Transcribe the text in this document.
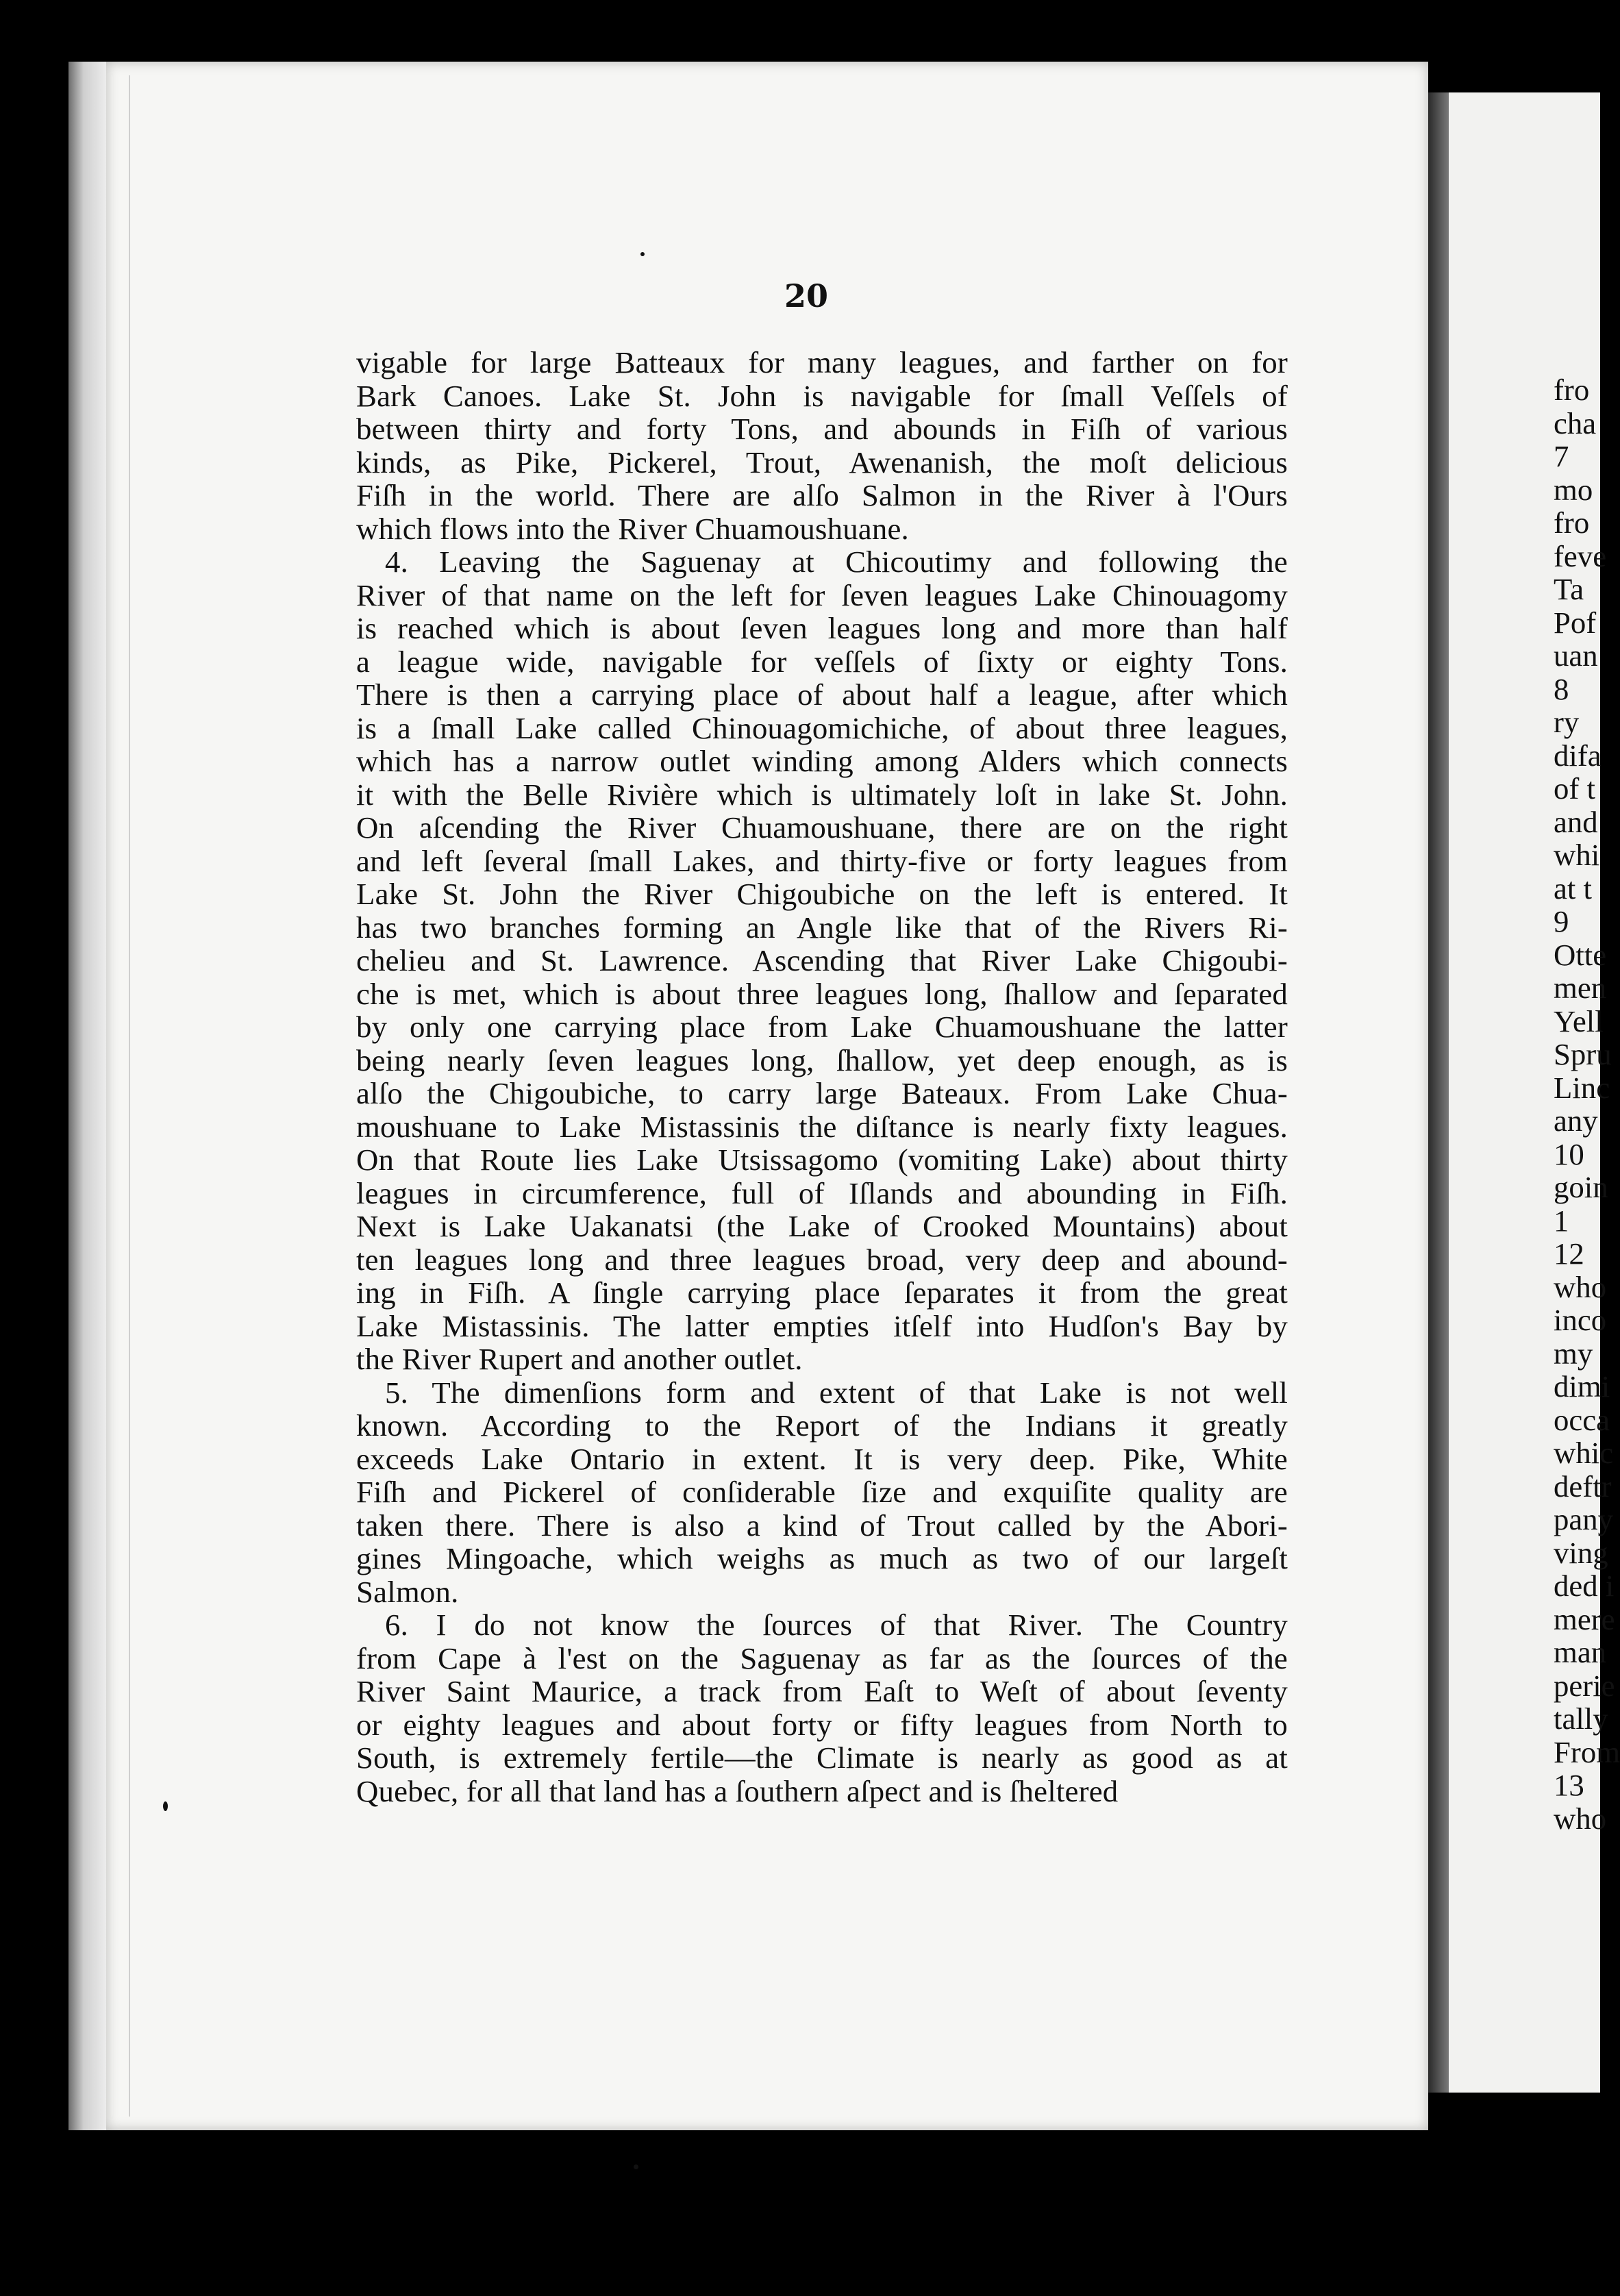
20
vigable for large Batteaux for many leagues, and farther on for
Bark Canoes. Lake St. John is navigable for ſmall Veſſels of
between thirty and forty Tons, and abounds in Fiſh of various
kinds, as Pike, Pickerel, Trout, Awenanish, the moſt delicious
Fiſh in the world. There are alſo Salmon in the River à l'Ours
which flows into the River Chuamoushuane.
4. Leaving the Saguenay at Chicoutimy and following the
River of that name on the left for ſeven leagues Lake Chinouagomy
is reached which is about ſeven leagues long and more than half
a league wide, navigable for veſſels of ſixty or eighty Tons.
There is then a carrying place of about half a league, after which
is a ſmall Lake called Chinouagomichiche, of about three leagues,
which has a narrow outlet winding among Alders which connects
it with the Belle Rivière which is ultimately loſt in lake St. John.
On aſcending the River Chuamoushuane, there are on the right
and left ſeveral ſmall Lakes, and thirty-five or forty leagues from
Lake St. John the River Chigoubiche on the left is entered. It
has two branches forming an Angle like that of the Rivers Ri-
chelieu and St. Lawrence. Ascending that River Lake Chigoubi-
che is met, which is about three leagues long, ſhallow and ſeparated
by only one carrying place from Lake Chuamoushuane the latter
being nearly ſeven leagues long, ſhallow, yet deep enough, as is
alſo the Chigoubiche, to carry large Bateaux. From Lake Chua-
moushuane to Lake Mistassinis the diſtance is nearly fixty leagues.
On that Route lies Lake Utsissagomo (vomiting Lake) about thirty
leagues in circumference, full of Iſlands and abounding in Fiſh.
Next is Lake Uakanatsi (the Lake of Crooked Mountains) about
ten leagues long and three leagues broad, very deep and abound-
ing in Fiſh. A ſingle carrying place ſeparates it from the great
Lake Mistassinis. The latter empties itſelf into Hudſon's Bay by
the River Rupert and another outlet.
5. The dimenſions form and extent of that Lake is not well
known. According to the Report of the Indians it greatly
exceeds Lake Ontario in extent. It is very deep. Pike, White
Fiſh and Pickerel of conſiderable ſize and exquiſite quality are
taken there. There is also a kind of Trout called by the Abori-
gines Mingoache, which weighs as much as two of our largeſt
Salmon.
6. I do not know the ſources of that River. The Country
from Cape à l'est on the Saguenay as far as the ſources of the
River Saint Maurice, a track from Eaſt to Weſt of about ſeventy
or eighty leagues and about forty or fifty leagues from North to
South, is extremely fertile—the Climate is nearly as good as at
Quebec, for all that land has a ſouthern aſpect and is ſheltered
fro
cha
7
mo
fro
feve
Ta
Pof
uan
8
ry
difa
of t
and
whi
at t
9
Otte
men
Yell
Spru
Linc
any
10
goin
1
12
who
inco
my
dimi
occa
whic
deftr
pany
ving
ded i
mere
man
perie
tally
From
13
who
